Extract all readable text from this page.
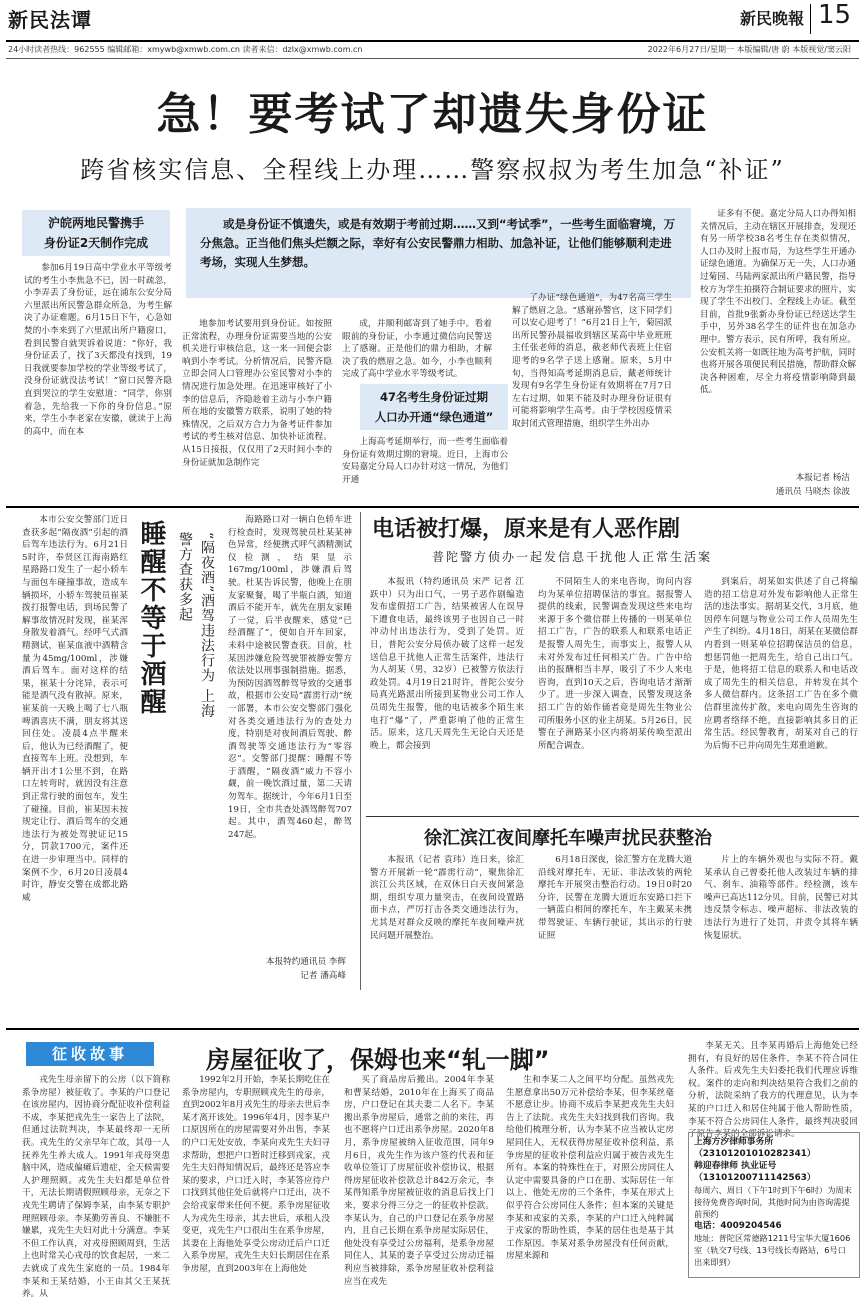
新民法谭	新民晚報 15
24小时读者热线：962555 编辑邮箱：xmywb@xmwb.com.cn 读者来信：dzlx@xmwb.com.cn	2022年6月27日/星期一 本版编辑/唐 蔚 本版视觉/窦云阳
急！要考试了却遗失身份证
跨省核实信息、全程线上办理……警察叔叔为考生加急“补证”
沪皖两地民警携手
身份证2天制作完成
或是身份证不慎遗失，或是有效期于考前过期……又到“考试季”，一些考生面临窘境，万分焦急。正当他们焦头烂额之际，幸好有公安民警鼎力相助、加急补证，让他们能够顺利走进考场，实现人生梦想。
参加6月19日高中学业水平等级考试的考生小李焦急不已，因一时疏忽，小李弄丢了身份证，远在浦东公安分局六里派出所民警急群众所急，为考生解决了办证难题。6月15日下午，心急如焚的小李来到了六里派出所户籍窗口，看到民警自就哭诉着说道：“你好，我身份证丢了，找了3天都没有找到，19日我就要参加学校的学业等级考试了，没身份证就没法考试！”窗口民警齐隐直到哭泣的学生安慰道：“同学，你别着急，先给我一下你的身份信息。”原来，学生小李老家在安徽，就读于上海的高中，而在本
地参加考试要用到身份证。如按照正常流程，办理身份证需要当地的公安机关进行审核信息，这一来一回便会影响到小李考试。分析情况后，民警齐隐立即会同人口管理办公室民警对小李的情况进行加急处理。在迅速审核好了小李的信息后，齐隐趁着主动与小李户籍所在地的安徽警方联系，说明了她的特殊情况，之后双方合力为备考证件参加考试的考生核对信息、加快补证流程。从15日接报，仅仅用了2天时间小李的身份证就加急制作完
成，并顺利邮寄到了她手中。看着眼前的身份证，小李通过微信向民警送上了感谢。正是他们的鼎力相助，才解决了我的燃眉之急。如今，小李也顺利完成了高中学业水平等级考试。
47名考生身份证过期
人口办开通“绿色通道”
上海高考延期举行，而一些考生面临着身份证有效期过期的窘境。近日，上海市公安局嘉定分局人口办针对这一情况，为他们开通
了办证“绿色通道”，为47名高三学生解了燃眉之急。“感谢孙警官，这下同学们可以安心迎考了！”6月21日上午，菊园派出所民警孙晨福收到辖区某高中毕业班班主任张老师的消息，截老师代表班上住宿迎考的9名学子送上感谢。原来，5月中旬，当得知高考延期消息后，戴老师统计发现有9名学生身份证有效期将在7月7日左右过期，如果不能及时办理身份证很有可能将影响学生高考。由于学校因疫情采取封闭式管理措施，组织学生外出办
证多有不便。嘉定分局人口办得知相关情况后，主动在辖区开展排查，发现还有另一所学校38名考生存在类似情况，人口办及时上报市局，为这些学生开通办证绿色通道。为确保万无一失，人口办通过菊园、马陆两家派出所户籍民警，指导校方为学生拍摄符合制证要求的照片，实现了学生不出校门、全程线上办证。截至目前，首批9张新办身份证已经送达学生手中，另外38名学生的证件也在加急办理中。警方表示，民有所呼，我有所应。公安机关将一如既往地为高考护航，同时也将开展各项便民利民措施，帮助群众解决各种困难，尽全力将疫情影响降到最低。
本报记者 杨洁
通讯员 马晓杰 徐波
本市公安交警部门近日查获多起“隔夜酒”引起的酒后驾车违法行为。6月21日5时许，奉贤区江海南路红星路路口发生了一起小轿车与面包车碰撞事故，造成车辆损坏，小轿车驾驶员崔某拨打报警电话，到场民警了解事故情况时发现，崔某浑身散发着酒气。经呼气式酒精测试，崔某血液中酒精含量为45mg/100ml，涉嫌酒后驾车。面对这样的结果，崔某十分诧异，表示可能是酒气没有散掉。原来，崔某前一天晚上喝了七八瓶啤酒喜庆不满，朋友将其送回住处。凌晨4点半醒来后，他认为已经酒醒了，便直接驾车上班。没想到，车辆开出才1公里不到，在路口左转弯时，就因没有注意到正常行驶的面包车，发生了碰撞。目前，崔某因未按规定让行、酒后驾车的交通违法行为被处驾驶证记15分，罚款1700元，案件还在进一步审理当中。同样的案例不少，6月20日凌晨4时许，静安交警在成都北路威
睡醒不等于酒醒	“隔夜酒”酒驾违法行为 上海警方查获多起
海路路口对一辆白色轿车进行检查时，发现驾驶员杜某某神色异常，经便携式呼气酒精测试仪检测，结果显示167mg/100ml，涉嫌酒后驾驶。杜某告诉民警，他晚上在朋友家聚餐，喝了半瓶白酒，知道酒后不能开车，就先在朋友家睡了一觉，后半夜醒来，感觉“已经酒醒了”，便如自开车回家，未料中途被民警查获。目前，杜某因涉嫌危险驾驶罪被静安警方依法处以刑事强制措施。据悉，为预防因酒驾醉驾导致的交通事故，根据市公安局“霹雳行动”统一部署，本市公安交警部门强化对各类交通违法行为的查处力度，特别是对夜间酒后驾驶、醉酒驾驶等交通违法行为“零容忍”。交警部门提醒：睡醒不等于酒醒，“隔夜酒”威力不容小觑，前一晚饮酒过量，第二天请勿驾车。据统计，今年6月1日至19日，全市共查处酒驾醉驾707起。其中，酒驾460起，醉驾247起。
本报特约通讯员 李辉
记者 潘高峰
电话被打爆，原来是有人恶作剧
普陀警方侦办一起发信息干扰他人正常生活案
本报讯（特约通讯员 宋严 记者 江跃中）只为出口气，一男子恶作剧编造发布虚假招工广告，结果被害人在误导下遭食电话，最终该男子也因自己一时冲动付出违法行为，受到了处罚。近日，普陀公安分局侦办破了这样一起发送信息干扰他人正常生活案件，违法行为人胡某（男，32岁）已被警方依法行政处罚。4月19日21时许，普陀公安分局真光路派出所接到某物业公司工作人员周先生报警，他的电话被多个陌生来电打“爆”了，严重影响了他的正常生活。原来，这几天周先生无论白天还是晚上，都会接到
不同陌生人的来电咨询，询问内容均为某单位招聘保洁的事宜。据报警人提供的线索，民警调查发现这些来电均来源于多个微信群上传播的一则某单位招工广告，广告的联系人和联系电话正是报警人周先生，而事实上，报警人从未对外发布过任何相关广告。广告中给出的报酬相当丰厚，吸引了不少人来电咨询，直到10天之后，咨询电话才渐渐少了。进一步深入调查，民警发现这条招工广告的始作俑者竟是周先生物业公司所服务小区的业主胡某。5月26日，民警在子洲路某小区内将胡某传唤至派出所配合调查。
到案后，胡某如实供述了自己将编造的招工信息对外发布影响他人正常生活的违法事实。据胡某交代，3月底，他因停车问题与物业公司工作人员周先生产生了纠纷。4月18日，胡某在某微信群内看到一则某单位招聘保洁员的信息，想惩罚他一把周先生，给自己出口气。于是，他将招工信息的联系人和电话改成了周先生的相关信息，并转发在其个多人微信群内。这条招工广告在多个微信群里流传扩散，来电向周先生咨询的应聘者络绎不绝，直接影响其多日的正常生活。经民警教育，胡某对自己的行为后悔不已并向周先生郑重道歉。
徐汇滨江夜间摩托车噪声扰民获整治
本报讯（记者 袁玮）连日来，徐汇警方开展新一轮“霹雳行动”，聚焦徐汇滨江公共区域，在双休日白天夜间紧急期，组织专项力量突击，在夜间设置路面卡点，严厉打击各类交通违法行为，尤其是对群众反映的摩托车夜间噪声扰民问题开展整治。
6月18日深夜，徐汇警方在龙腾大道沿线对摩托车、无证、非法改装的两轮摩托车开展突击整治行动。19日0时20分许，民警在龙腾大道近东安路口拦下一辆蓝白相间的摩托车，车主戴某未携带驾驶证、车辆行驶证，其出示的行驶证照
片上的车辆外观也与实际不符。戴某承认自己曾委托他人改装过车辆的排气、刹车、油箱等部件。经检测，该车噪声已高达112分贝。目前，民警已对其违反禁令标志、噪声超标、非法改装的违法行为进行了处罚，并责令其将车辆恢复原状。
征收故事	房屋征收了，保姆也来“轧一脚”
戎先生母亲留下的公房（以下简称系争房屋）被征收了。李某的户口登记在该房屋内，因协商分配征收补偿利益不成，李某把戎先生一家告上了法院，但通过法院判决，李某最终却一无所获。戎先生的父亲早年亡故，其母一人抚养先生养大成人。1991年戎母突患脑中风，造成偏瘫后遗症，全天候需要人护理照顾。戎先生夫妇都是单位骨干，无法长期请假照顾母亲，无奈之下戎先生聘请了保姆李某，由李某专职护理照顾母亲。李某勤劳善良、不嫌脏不嫌累，戎先生夫妇对此十分满意。李某不但工作认真，对戎母照顾周到，生活上也时常关心戎母的饮食起居，一来二去就成了戎先生家庭的一员。1984年李某和王某结婚，小王由其父王某抚养。从
1992年2月开始，李某长期吃住在系争房屋内，专职照顾戎先生的母亲，直到2002年8月戎先生的母亲去世后李某才离开该处。1996年4月，因李某户口原因所在的房屋需要对外出售，李某的户口无处安放，李某向戎先生夫妇寻求帮助，想把户口暂时迁移到戎家，戎先生夫妇得知情况后，最终还是答应李某的要求，户口迁入时，李某答应待户口找到其他住处后就将户口迁出，决不会给戎家带来任何不便。系争房屋征收人为戎先生母亲，其去世后，承租人没变更，戎先生户口很出生在系争房屋，其妻在上海他处享受公房动迁后户口迁入系争房屋，戎先生夫妇长期居住在系争房屋，直到2003年在上海他处
买了商品房后搬出。2004年李某和曹某结婚，2010年在上海买了商品房，户口登记在其夫妻二人名下。李某搬出系争房屋后，通常之前的来往，再也不愿将户口迁出系争房屋。2020年8月，系争房屋被纳入征收范围，同年9月6日，戎先生作为该户签约代表和征收单位签订了房屋征收补偿协议，根据得房屋征收补偿款总计842万余元，李某得知系争房屋被征收的消息后找上门来，要求分得三分之一的征收补偿款。李某认为，自己的户口登记在系争房屋内，且自己长期在系争房屋实际居住，他处没有享受过公房福利，是系争房屋同住人，其某的妻子享受过公房动迁福利应当被排除，系争房屋征收补偿利益应当在戎先
生和李某二人之间平均分配。虽然戎先生愿意拿出50万元补偿给李某，但李某丝毫不愿意让步。协商不成后李某把戎先生夫妇告上了法院。戎先生夫妇找到我们咨询。我给他们梳理分析，认为李某不应当被认定房屋同住人，无权获得房屋征收补偿利益，系争房屋的征收补偿利益应归属于被告戎先生所有。本案的特殊性在于，对照公房同住人认定中需要具备的户口在册、实际居住一年以上、他处无房的三个条件，李某在形式上似乎符合公房同住人条件；但本案的关键是李某和戎家的关系，李某的户口迁入纯粹属于戎家的帮助性质，李某的居住也是基于其工作原因。李某对系争房屋没有任何贡献，房屋来源和
李某无关。且李某再婚后上海他处已经拥有，有良好的居住条件，李某不符合同住人条件。后戎先生夫妇委托我们代理应诉维权。案件的走向和判决结果符合我们之前的分析，法院采纳了我方的代理意见，认为李某的户口迁入和居住纯属于他人帮助性质，李某不符合公房同住人条件，最终判决驳回了原告李某的全部诉讼请求。
上海方汐律师事务所
（23101201010282341）
韩迎春律师 执业证号
（13101200711142563）
每周六、周日（下午1时到下午6时）为周末接待免费咨询时间，其他时间为由咨询需提前预约
电话：4009204546
地址：普陀区常德路1211号宝华大厦1606室（轨交7号线、13号线长寿路站，6号口出来即到）
